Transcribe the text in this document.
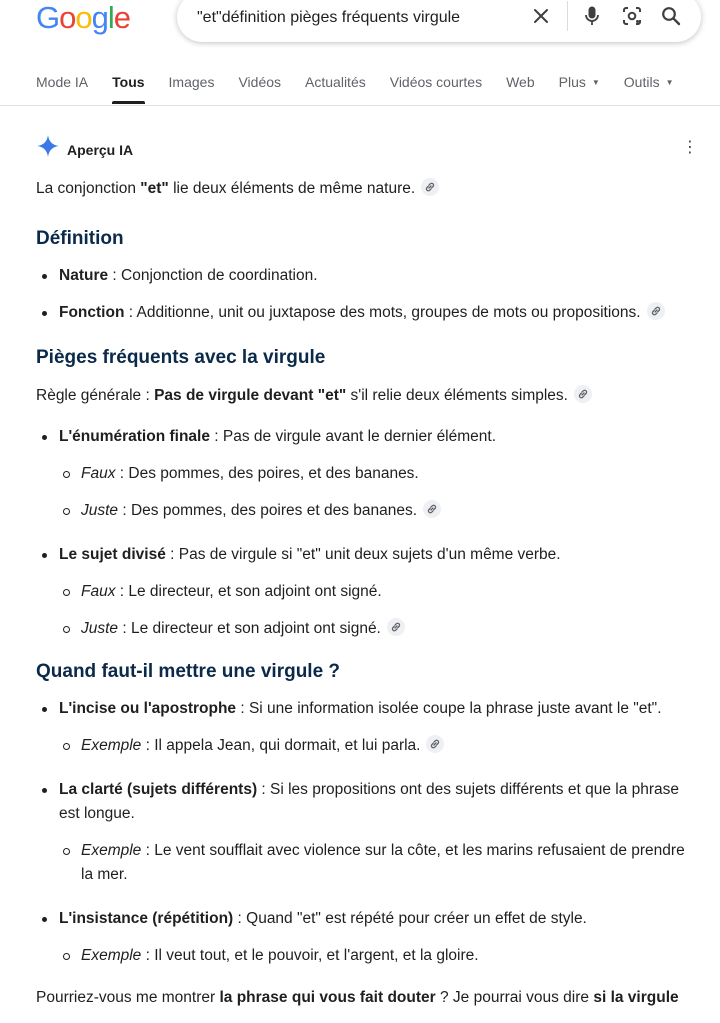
Google	"et"définition pièges fréquents virgule
Mode IA Tous Images Vidéos Actualités Vidéos courtes Web Plus ▼ Outils ▼
Aperçu IA	⋮

La conjonction "et" lie deux éléments de même nature.

Définition
Nature : Conjonction de coordination.
Fonction : Additionne, unit ou juxtapose des mots, groupes de mots ou propositions.
Pièges fréquents avec la virgule

Règle générale : Pas de virgule devant "et" s'il relie deux éléments simples.

L'énumération finale : Pas de virgule avant le dernier élément.
Faux : Des pommes, des poires, et des bananes.
Juste : Des pommes, des poires et des bananes.
Le sujet divisé : Pas de virgule si "et" unit deux sujets d'un même verbe.
Faux : Le directeur, et son adjoint ont signé.
Juste : Le directeur et son adjoint ont signé.
Quand faut-il mettre une virgule ?
L'incise ou l'apostrophe : Si une information isolée coupe la phrase juste avant le "et".
Exemple : Il appela Jean, qui dormait, et lui parla.
La clarté (sujets différents) : Si les propositions ont des sujets différents et que la phrase est longue.
Exemple : Le vent soufflait avec violence sur la côte, et les marins refusaient de prendre la mer.
L'insistance (répétition) : Quand "et" est répété pour créer un effet de style.
Exemple : Il veut tout, et le pouvoir, et l'argent, et la gloire.

Pourriez-vous me montrer la phrase qui vous fait douter ? Je pourrai vous dire si la virgule
